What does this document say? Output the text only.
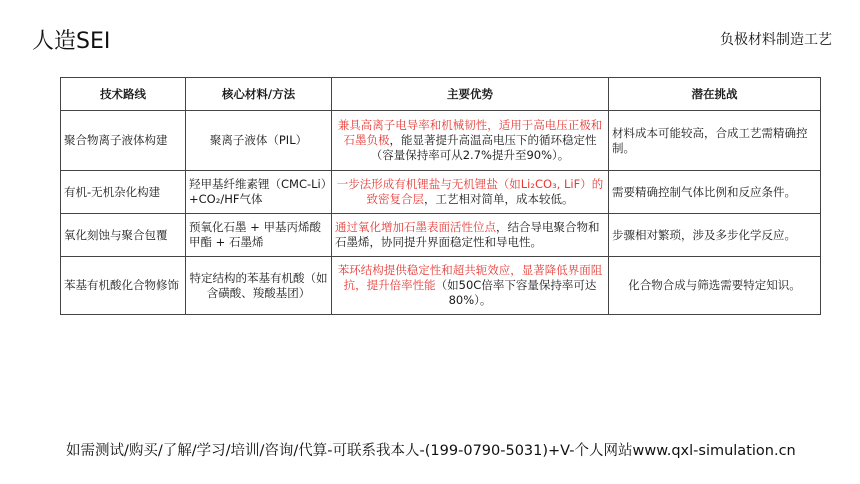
人造SEI	负极材料制造工艺
技术路线	核心材料/方法	主要优势	潜在挑战
聚合物离子液体构建	聚离子液体（PIL）	兼具高离子电导率和机械韧性，适用于高电压正极和石墨负极，能显著提升高温高电压下的循环稳定性（容量保持率可从2.7%提升至90%）。	材料成本可能较高，合成工艺需精确控制。
有机-无机杂化构建	羟甲基纤维素锂（CMC-Li）+CO₂/HF气体	一步法形成有机锂盐与无机锂盐（如Li₂CO₃, LiF）的致密复合层，工艺相对简单，成本较低。	需要精确控制气体比例和反应条件。
氧化刻蚀与聚合包覆	预氧化石墨 + 甲基丙烯酸甲酯 + 石墨烯	通过氧化增加石墨表面活性位点，结合导电聚合物和石墨烯，协同提升界面稳定性和导电性。	步骤相对繁琐，涉及多步化学反应。
苯基有机酸化合物修饰	特定结构的苯基有机酸（如含磺酸、羧酸基团）	苯环结构提供稳定性和超共轭效应，显著降低界面阻抗，提升倍率性能（如50C倍率下容量保持率可达80%）。	化合物合成与筛选需要特定知识。
如需测试/购买/了解/学习/培训/咨询/代算-可联系我本人-(199-0790-5031)+V-个人网站www.qxl-simulation.cn
